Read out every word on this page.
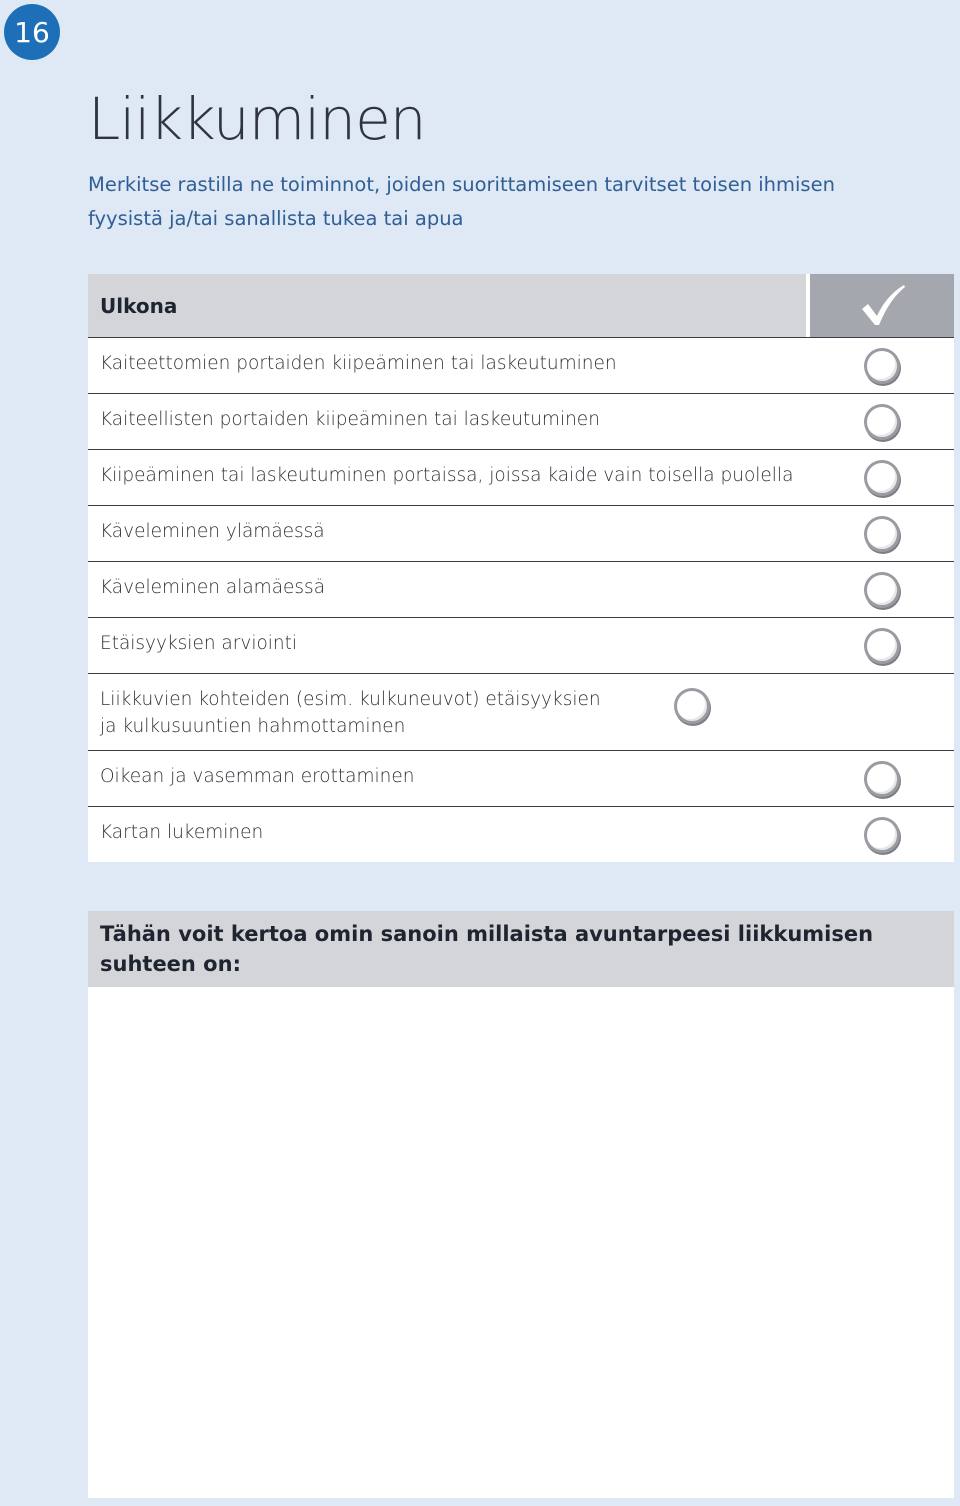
16
Liikkuminen
Merkitse rastilla ne toiminnot, joiden suorittamiseen tarvitset toisen ihmisen
fyysistä ja/tai sanallista tukea tai apua
Ulkona
Kaiteettomien portaiden kiipeäminen tai laskeutuminen
Kaiteellisten portaiden kiipeäminen tai laskeutuminen
Kiipeäminen tai laskeutuminen portaissa, joissa kaide vain toisella puolella
Käveleminen ylämäessä
Käveleminen alamäessä
Etäisyyksien arviointi
Liikkuvien kohteiden (esim. kulkuneuvot) etäisyyksien ja kulkusuuntien hahmottaminen
Oikean ja vasemman erottaminen
Kartan lukeminen
Tähän voit kertoa omin sanoin millaista avuntarpeesi liikkumisen
suhteen on:
